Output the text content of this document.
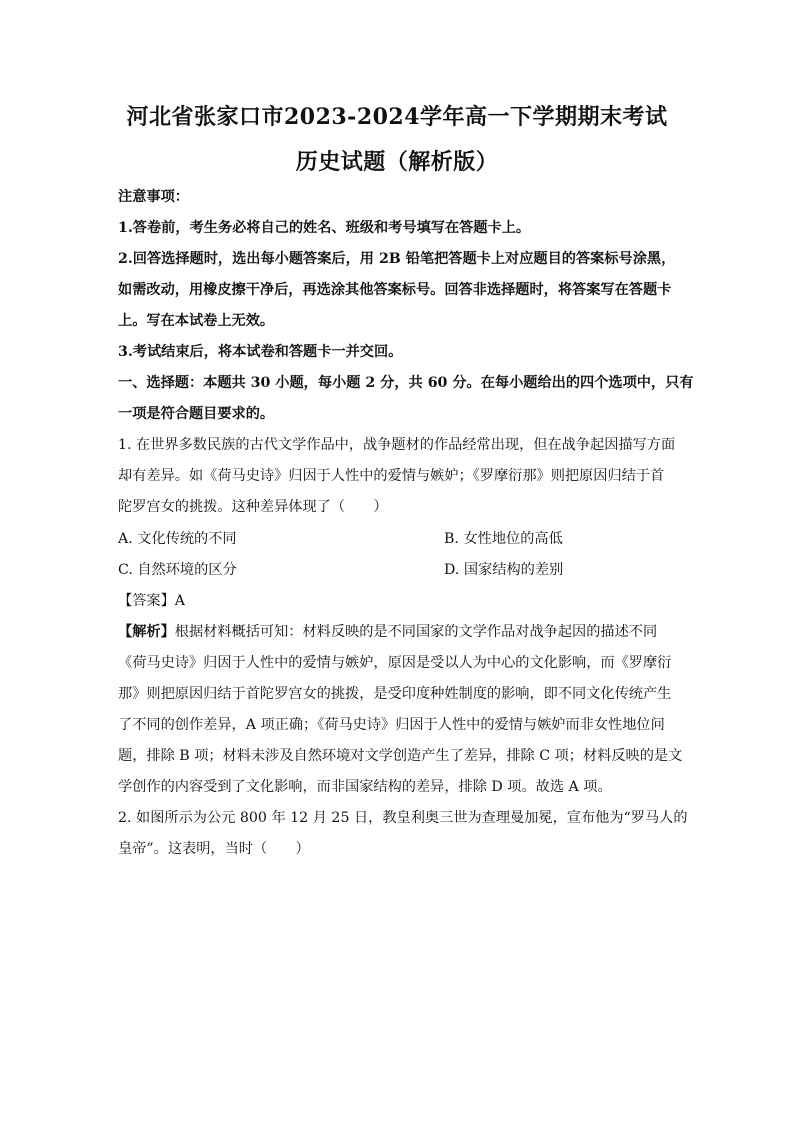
河北省张家口市2023-2024学年高一下学期期末考试
历史试题（解析版）
注意事项：
1.答卷前，考生务必将自己的姓名、班级和考号填写在答题卡上。
2.回答选择题时，选出每小题答案后，用 2B 铅笔把答题卡上对应题目的答案标号涂黑，
如需改动，用橡皮擦干净后，再选涂其他答案标号。回答非选择题时，将答案写在答题卡
上。写在本试卷上无效。
3.考试结束后，将本试卷和答题卡一并交回。
一、选择题：本题共 30 小题，每小题 2 分，共 60 分。在每小题给出的四个选项中，只有
一项是符合题目要求的。
1. 在世界多数民族的古代文学作品中，战争题材的作品经常出现，但在战争起因描写方面
却有差异。如《荷马史诗》归因于人性中的爱情与嫉妒；《罗摩衍那》则把原因归结于首
陀罗宫女的挑拨。这种差异体现了（　　）
A. 文化传统的不同	B. 女性地位的高低
C. 自然环境的区分	D. 国家结构的差别
【答案】A
【解析】根据材料概括可知：材料反映的是不同国家的文学作品对战争起因的描述不同
《荷马史诗》归因于人性中的爱情与嫉妒，原因是受以人为中心的文化影响，而《罗摩衍
那》则把原因归结于首陀罗宫女的挑拨，是受印度种姓制度的影响，即不同文化传统产生
了不同的创作差异，A 项正确；《荷马史诗》归因于人性中的爱情与嫉妒而非女性地位问
题，排除 B 项；材料未涉及自然环境对文学创造产生了差异，排除 C 项；材料反映的是文
学创作的内容受到了文化影响，而非国家结构的差异，排除 D 项。故选 A 项。
2. 如图所示为公元 800 年 12 月 25 日，教皇利奥三世为查理曼加冕，宣布他为“罗马人的
皇帝”。这表明，当时（　　）
